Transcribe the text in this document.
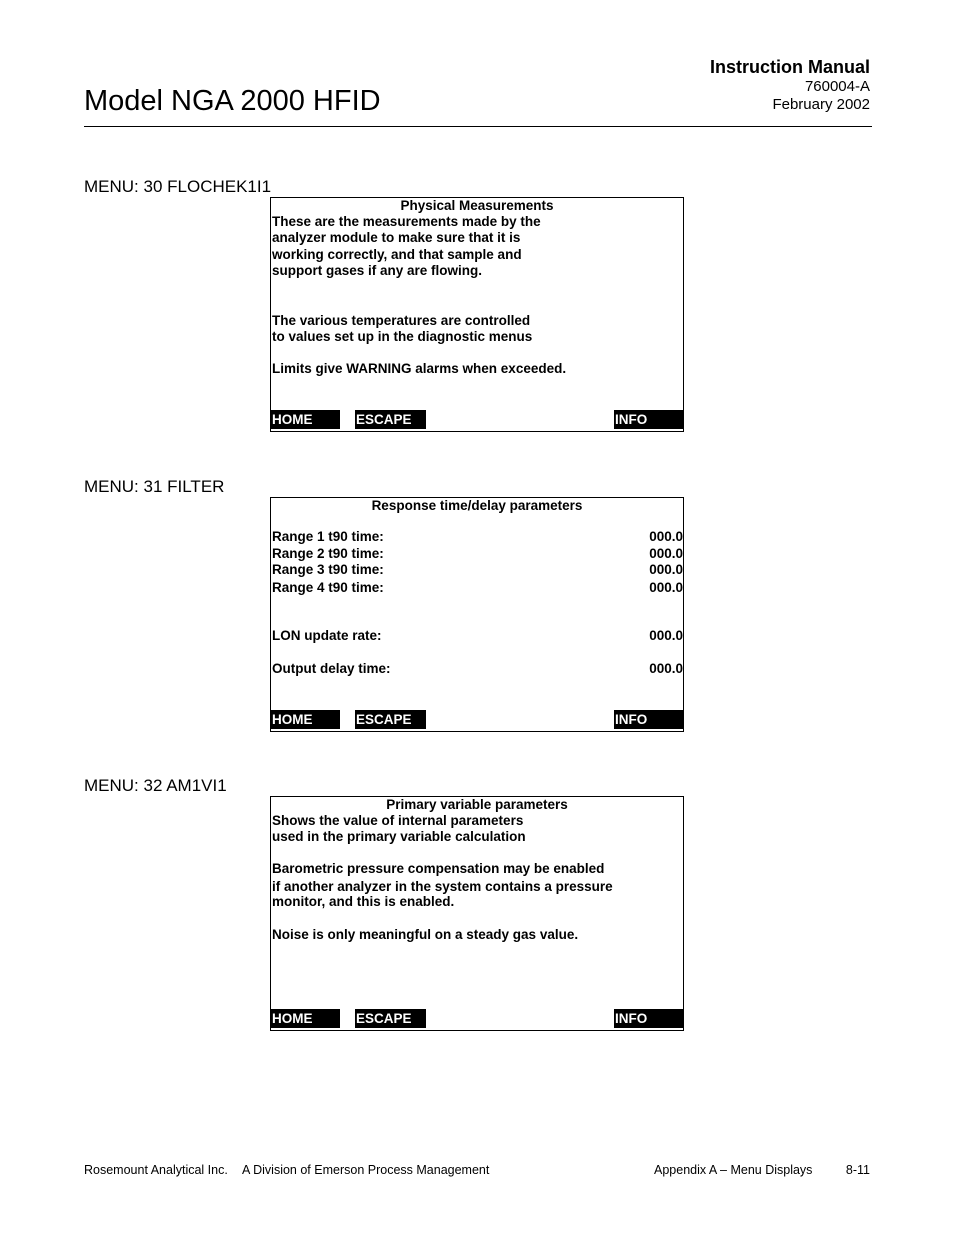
Model NGA 2000 HFID
Instruction Manual
760004-A
February 2002
MENU: 30 FLOCHEK1I1
Physical Measurements
These are the measurements made by the
analyzer module to make sure that it is
working correctly, and that sample and
support gases if any are flowing.
The various temperatures are controlled
to values set up in the diagnostic menus
Limits give WARNING alarms when exceeded.
HOME	ESCAPE	INFO
MENU: 31 FILTER
Response time/delay parameters
Range 1 t90 time:	000.0
Range 2 t90 time:	000.0
Range 3 t90 time:	000.0
Range 4 t90 time:	000.0
LON update rate:	000.0
Output delay time:	000.0
HOME	ESCAPE	INFO
MENU: 32 AM1VI1
Primary variable parameters
Shows the value of internal parameters
used in the primary variable calculation
Barometric pressure compensation may be enabled
if another analyzer in the system contains a pressure
monitor, and this is enabled.
Noise is only meaningful on a steady gas value.
HOME	ESCAPE	INFO
Rosemount Analytical Inc. A Division of Emerson Process Management	Appendix A – Menu Displays	8-11
